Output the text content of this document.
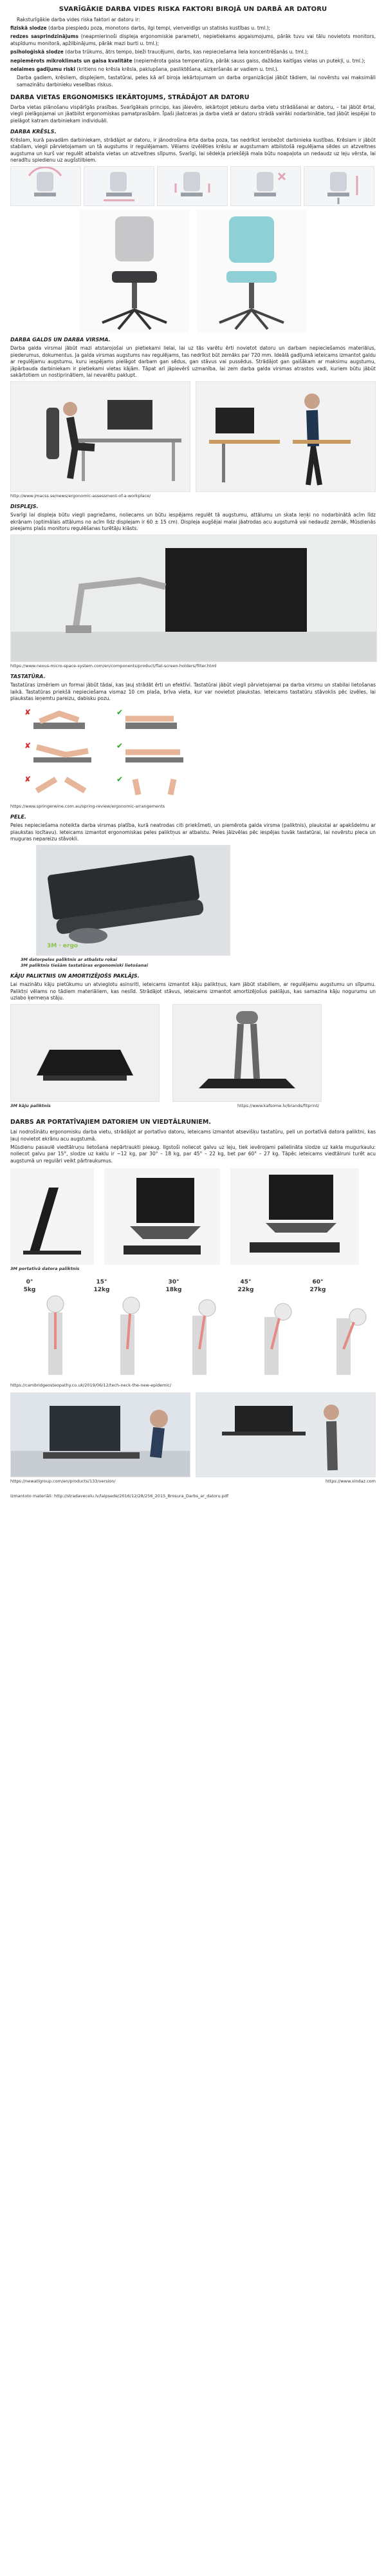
SVARĪGĀKIE DARBA VIDES RISKA FAKTORI BIROJĀ UN DARBĀ AR DATORU
Raksturīgākie darba vides riska faktori ar datoru ir:
fiziskā slodze (darba piespiedu poza, monotons darbs, ilgi tempi, vienveidīgs un statisks kustības u. tml.);
redzes sasprindzinājums (neapmierinoši displeja ergonomiskie parametri, nepietiekams apgaismojums, pārāk tuvu vai tālu novietots monitors, atspīdumu monitorā, apžilbinājums, pārāk mazi burti u. tml.);
psiholoģiskā slodze (darba trūkums, ātrs tempo, bieži traucējumi, darbs, kas nepieciešama liela koncentrēšanās u. tml.);
nepiemērots mikroklimats un gaisa kvalitāte (nepiemērota gaisa temperatūra, pārāk sauss gaiss, dažādas kaitīgas vielas un putekļi, u. tml.);
nelaimes gadījumu riski (kritiens no krēsla krēsla, paklupšana, pasliktēšana, aizķeršanās ar vadiem u. tml.).
Darba gadiem, krēsliem, displejiem, tastatūrai, peles kā arī biroja iekārtojumam un darba organizācijai jābūt tādiem, lai novērstu vai maksimāli samazinātu darbinieku veselības riskus.
DARBA VIETAS ERGONOMISKS IEKĀRTOJUMS, STRĀDĀJOT AR DATORU
Darba vietas plānošanu vispārīgās prasības. Svarīgākais princips, kas jāievēro, iekārtojot jebkuru darba vietu strādāšanai ar datoru, – tai jābūt ērtai, viegli pielāgojamai un jāatbilst ergonomiskas pamatprasībām. Īpaši jāatceras ja darba vietā ar datoru strādā vairāki nodarbinātie, tad jābūt iespējai to pielāgot katram darbiniekam individuāli.
DARBA KRĒSLS.
Krēslam, kurā pavadām darbiniekam, strādājot ar datoru, ir jānodrošina ērta darba poza, tas nedrīkst ierobežot darbinieka kustības. Krēslam ir jābūt stabilam, viegli pārvietojamam un tā augstums ir regulējamam. Vēlams izvēlēties krēslu ar augstumam atbilstošā regulējama sēdes un atzveltnes augstuma un kurš var regulēt atbalsta vietas un atzveltnes slīpums. Svarīgi, lai sēdekļa priekšējā mala būtu noapaļota un nedaudz uz leju vērsta, lai neradītu spiedienu uz augšstilbiem.
DARBA GALDS UN DARBA VIRSMA.
Darba galda virsmai jābūt mazi atstarojošai un pietiekami lielai, lai uz tās varētu ērti novietot datoru un darbam nepieciešamos materiālus, piederumus, dokumentus. Ja galda virsmas augstums nav regulējams, tas nedrīkst būt zemāks par 720 mm. Ideālā gadījumā ieteicams izmantot galdu ar regulējamu augstumu, kuru iespējams pielāgot darbam gan sēdus, gan stāvus vai pussēdus. Strādājot gan gaišākam ar maksimu augstumu, jāpārbauda darbiniekam ir pietiekami vietas kājām. Tāpat arī jāpievērš uzmanība, lai zem darba galda virsmas atrastos vadi, kuriem būtu jābūt sakārtotiem un nostiprinātiem, lai nevarētu paklupt.
http://www.jmacss.se/news/ergonomic-assessment-of-a-workplace/
DISPLEJS.
Svarīgi lai displeja būtu viegli pagriežams, noliecams un būtu iespējams regulēt tā augstumu, attālumu un skata leņķi no nodarbinātā acīm līdz ekrānam (optimālais attālums no acīm līdz displejam ir 60 ± 15 cm). Displeja augšējai malai jāatrodas acu augstumā vai nedaudz zemāk. Mūsdienās pieejams plašs monitoru regulēšanas turētāju klāsts.
https://www.nexus-micro-space-system.com/en/components/product/flat-screen-holders/filter.html
TASTATŪRA.
Tastatūras izmēriem un formai jābūt tādai, kas ļauj strādāt ērti un efektīvi. Tastatūrai jābūt viegli pārvietojamai pa darba virsmu un stabilai lietošanas laikā. Tastatūras priekšā nepieciešama vismaz 10 cm plaša, brīva vieta, kur var novietot plaukstas. Ieteicams tastatūru stāvoklis pēc izvēles, lai plaukstas ieņemtu pareizu, dabisku pozu.
✘	✔
✘	✔
✘	✔
https://www.springerwine.com.au/spring-review/ergonomic-arrangements
PELE.
Peles nepieciešama noteikta darba virsmas platība, kurā neatrodas citi priekšmeti, un piemērota galda virsma (paliktnis), plaukstai ar apakšdelmu ar plaukstas locītavu). Ieteicams izmantot ergonomiskas peles paliktņus ar atbalstu. Peles jāizvēlas pēc iespējas tuvāk tastatūrai, lai novērstu pleca un muguras nepareizu stāvokli.
3M · ergo
3M datorpeles paliktnis ar atbalstu rokai
3M paliktnis tiešām tastatūras ergonomiski lietošanai
KĀJU PALIKTNIS UN AMORTIZĒJOŠS PAKLĀJS.
Lai mazinātu kāju pietūkumu un atvieglotu asinsriti, ieteicams izmantot kāju paliktņus, kam jābūt stabiliem, ar regulējamu augstumu un slīpumu. Paliktņi vēlams no tādiem materiāliem, kas neslīd. Strādājot stāvus, ieteicams izmantot amortizējošus paklājus, kas samazina kāju nogurumu un uzlabo ķermeņa stāju.
3M kāju paliktnis	https://www.kafsome.lv/brands/fitprint/
DARBS AR PORTATĪVAJIEM DATORIEM UN VIEDTĀLRUNIEM.
Lai nodrošinātu ergonomisku darba vietu, strādājot ar portatīvo datoru, ieteicams izmantot atsevišķu tastatūru, peli un portatīvā datora paliktni, kas ļauj novietot ekrānu acu augstumā.
Mūsdienu pasaulē viedtālruņu lietošana nepārtraukti pieaug. Ilgstoši noliecot galvu uz leju, tiek ievērojami palielināta slodze uz kakla mugurkaulu: noliecot galvu par 15°, slodze uz kaklu ir ~12 kg, par 30° – 18 kg, par 45° – 22 kg, bet par 60° – 27 kg. Tāpēc ieteicams viedtālruni turēt acu augstumā un regulāri veikt pārtraukumus.
3M portatīvā datora paliktnis
0°
5kg
15°
12kg
30°
18kg
45°
22kg
60°
27kg
https://cambridgeosteopathy.co.uk/2019/06/12/tech-neck-the-new-epidemic/
https://newatlgroup.com/en/products/133/version/	https://www.xindaz.com
Izmantoto materiāli: http://stradavecelu.lv/laipsede/2016/12/28/256_2015_Brosura_Darbs_ar_datoru.pdf
